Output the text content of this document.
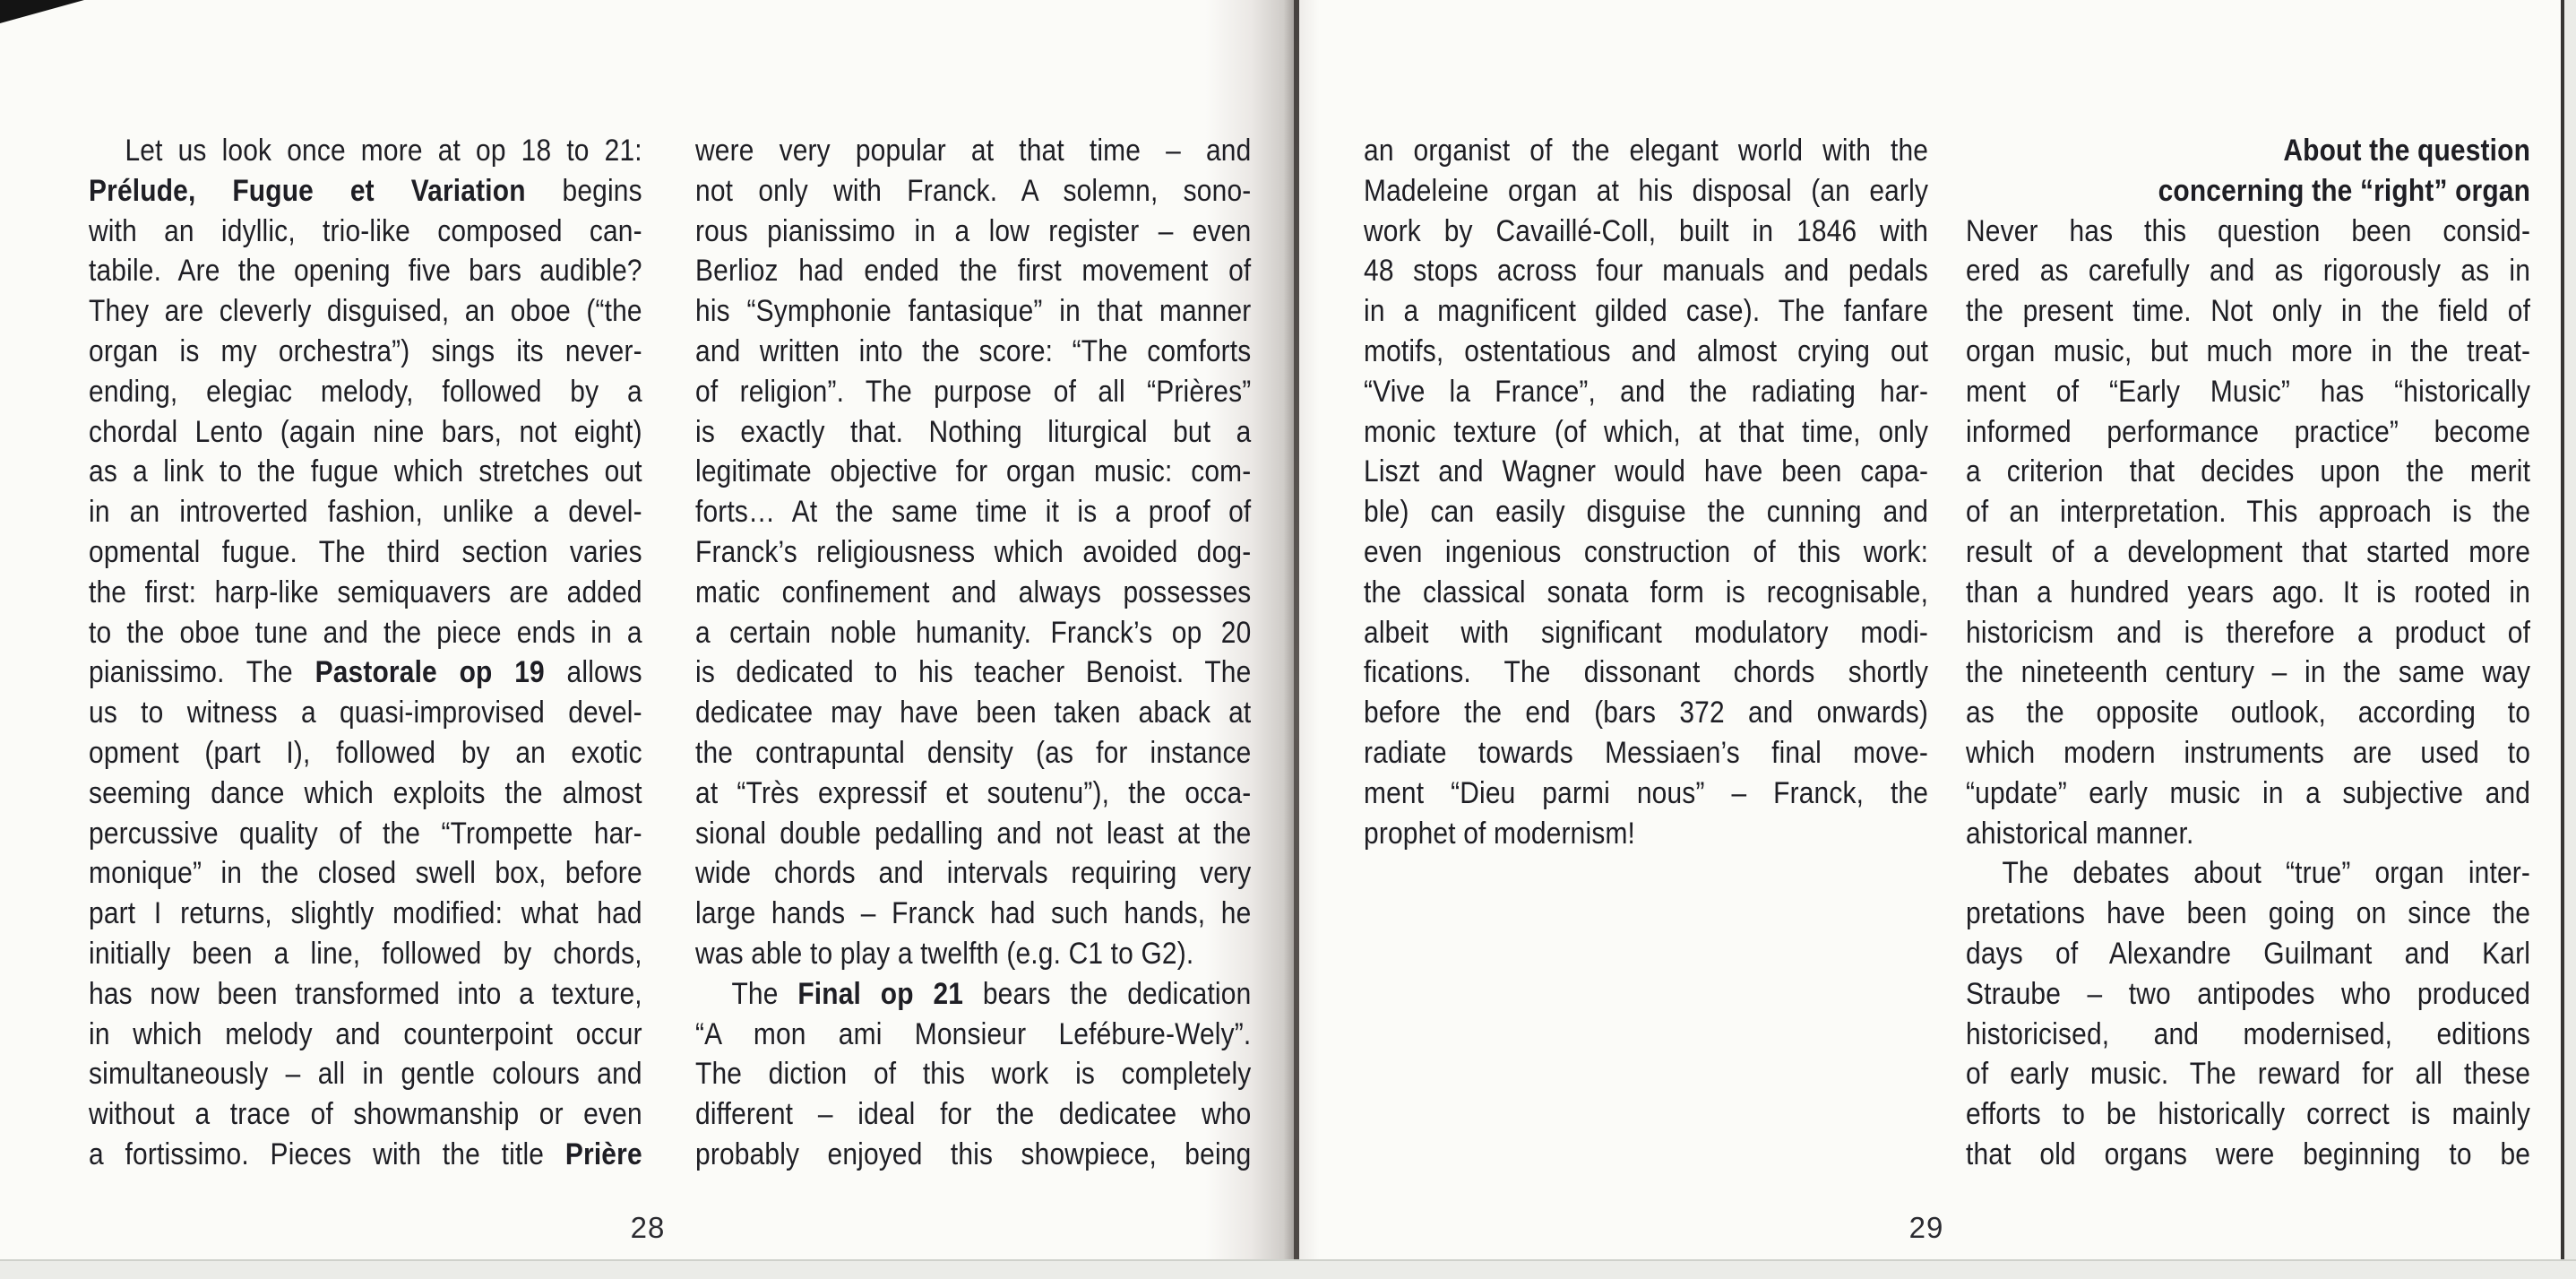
Let us look once more at op 18 to 21:
Prélude, Fugue et Variation begins
with an idyllic, trio-like composed can-
tabile. Are the opening five bars audible?
They are cleverly disguised, an oboe (“the
organ is my orchestra”) sings its never-
ending, elegiac melody, followed by a
chordal Lento (again nine bars, not eight)
as a link to the fugue which stretches out
in an introverted fashion, unlike a devel-
opmental fugue. The third section varies
the first: harp-like semiquavers are added
to the oboe tune and the piece ends in a
pianissimo. The Pastorale op 19 allows
us to witness a quasi-improvised devel-
opment (part I), followed by an exotic
seeming dance which exploits the almost
percussive quality of the “Trompette har-
monique” in the closed swell box, before
part I returns, slightly modified: what had
initially been a line, followed by chords,
has now been transformed into a texture,
in which melody and counterpoint occur
simultaneously – all in gentle colours and
without a trace of showmanship or even
a fortissimo. Pieces with the title Prière
were very popular at that time – and
not only with Franck. A solemn, sono-
rous pianissimo in a low register – even
Berlioz had ended the first movement of
his “Symphonie fantasique” in that manner
and written into the score: “The comforts
of religion”. The purpose of all “Prières”
is exactly that. Nothing liturgical but a
legitimate objective for organ music: com-
forts… At the same time it is a proof of
Franck’s religiousness which avoided dog-
matic confinement and always possesses
a certain noble humanity. Franck’s op 20
is dedicated to his teacher Benoist. The
dedicatee may have been taken aback at
the contrapuntal density (as for instance
at “Très expressif et soutenu”), the occa-
sional double pedalling and not least at the
wide chords and intervals requiring very
large hands – Franck had such hands, he
was able to play a twelfth (e.g. C1 to G2).
The Final op 21 bears the dedication
“A mon ami Monsieur Lefébure-Wely”.
The diction of this work is completely
different – ideal for the dedicatee who
probably enjoyed this showpiece, being
28
an organist of the elegant world with the
Madeleine organ at his disposal (an early
work by Cavaillé-Coll, built in 1846 with
48 stops across four manuals and pedals
in a magnificent gilded case). The fanfare
motifs, ostentatious and almost crying out
“Vive la France”, and the radiating har-
monic texture (of which, at that time, only
Liszt and Wagner would have been capa-
ble) can easily disguise the cunning and
even ingenious construction of this work:
the classical sonata form is recognisable,
albeit with significant modulatory modi-
fications. The dissonant chords shortly
before the end (bars 372 and onwards)
radiate towards Messiaen’s final move-
ment “Dieu parmi nous” – Franck, the
prophet of modernism!
About the question
concerning the “right” organ
Never has this question been consid-
ered as carefully and as rigorously as in
the present time. Not only in the field of
organ music, but much more in the treat-
ment of “Early Music” has “historically
informed performance practice” become
a criterion that decides upon the merit
of an interpretation. This approach is the
result of a development that started more
than a hundred years ago. It is rooted in
historicism and is therefore a product of
the nineteenth century – in the same way
as the opposite outlook, according to
which modern instruments are used to
“update” early music in a subjective and
ahistorical manner.
The debates about “true” organ inter-
pretations have been going on since the
days of Alexandre Guilmant and Karl
Straube – two antipodes who produced
historicised, and modernised, editions
of early music. The reward for all these
efforts to be historically correct is mainly
that old organs were beginning to be
29
